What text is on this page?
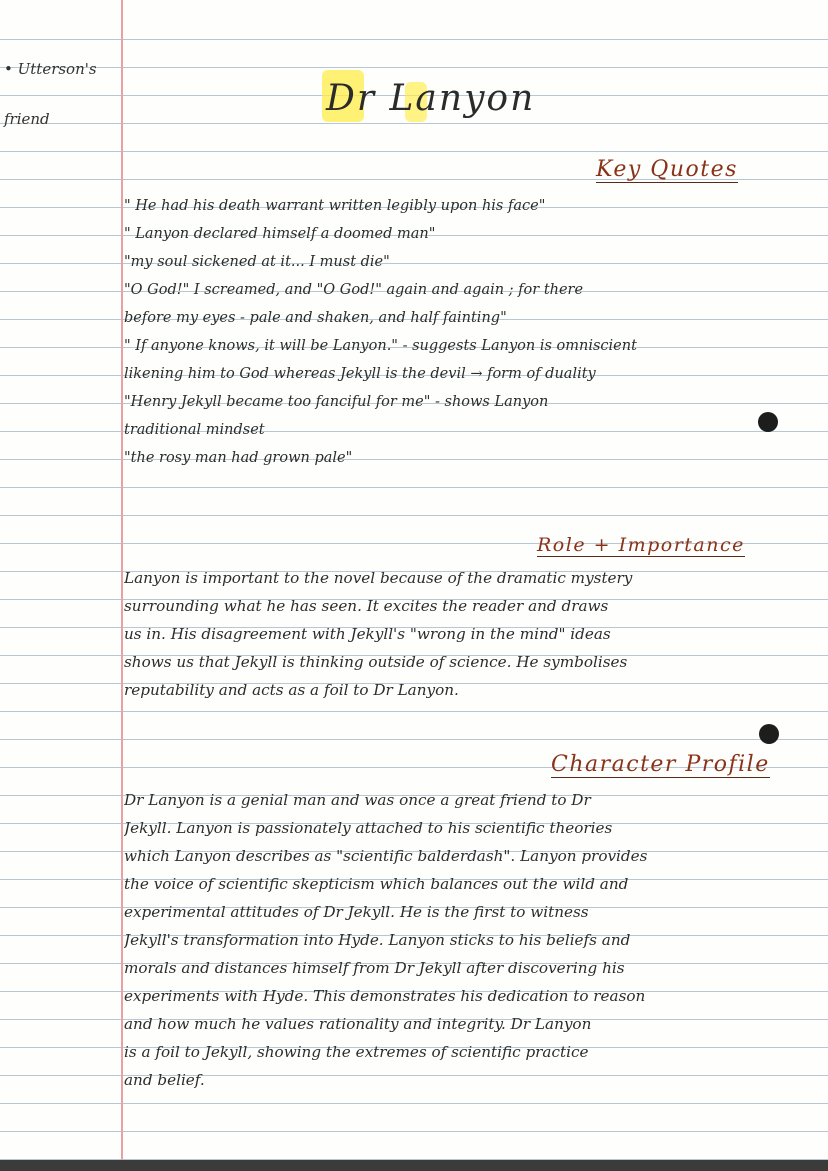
• Utterson's
friend	Dr Lanyon
Key Quotes
" He had his death warrant written legibly upon his face"
" Lanyon declared himself a doomed man"
"my soul sickened at it... I must die"
"O God!" I screamed, and "O God!" again and again ; for there
before my eyes - pale and shaken, and half fainting"
" If anyone knows, it will be Lanyon." - suggests Lanyon is omniscient
likening him to God whereas Jekyll is the devil → form of duality
"Henry Jekyll became too fanciful for me" - shows Lanyon
traditional mindset
"the rosy man had grown pale"
Role + Importance
Lanyon is important to the novel because of the dramatic mystery
surrounding what he has seen. It excites the reader and draws
us in. His disagreement with Jekyll's "wrong in the mind" ideas
shows us that Jekyll is thinking outside of science. He symbolises
reputability and acts as a foil to Dr Lanyon.
Character Profile
Dr Lanyon is a genial man and was once a great friend to Dr
Jekyll. Lanyon is passionately attached to his scientific theories
which Lanyon describes as "scientific balderdash". Lanyon provides
the voice of scientific skepticism which balances out the wild and
experimental attitudes of Dr Jekyll. He is the first to witness
Jekyll's transformation into Hyde. Lanyon sticks to his beliefs and
morals and distances himself from Dr Jekyll after discovering his
experiments with Hyde. This demonstrates his dedication to reason
and how much he values rationality and integrity. Dr Lanyon
is a foil to Jekyll, showing the extremes of scientific practice
and belief.
